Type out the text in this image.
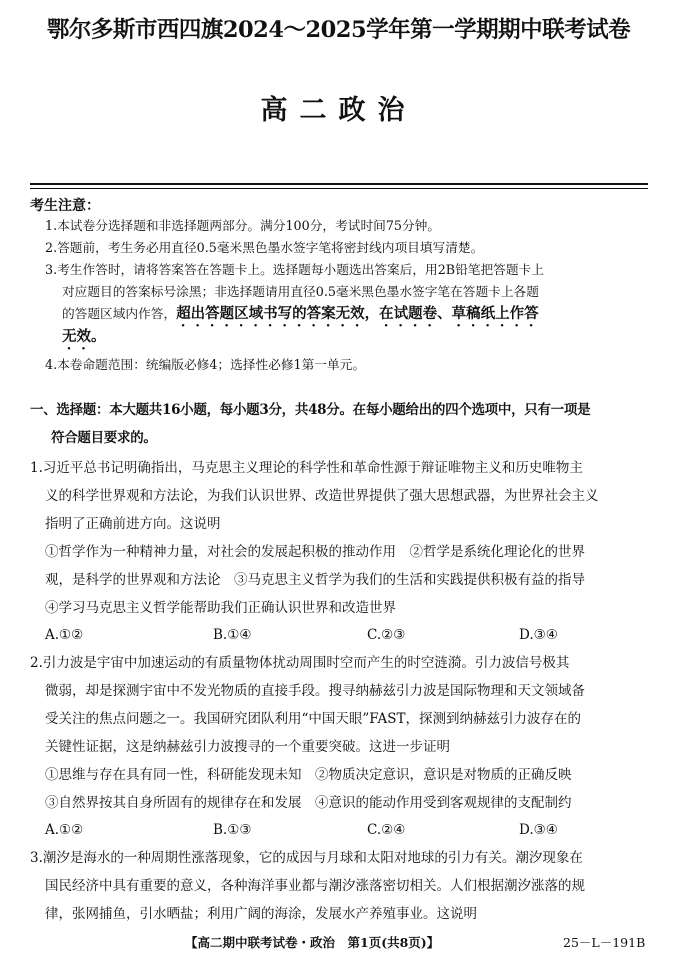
鄂尔多斯市西四旗2024～2025学年第一学期期中联考试卷
高二政治
考生注意：
1.本试卷分选择题和非选择题两部分。满分100分，考试时间75分钟。
2.答题前，考生务必用直径0.5毫米黑色墨水签字笔将密封线内项目填写清楚。
3.考生作答时，请将答案答在答题卡上。选择题每小题选出答案后，用2B铅笔把答题卡上
对应题目的答案标号涂黑；非选择题请用直径0.5毫米黑色墨水签字笔在答题卡上各题
的答题区域内作答，超出答题区域书写的答案无效，在试题卷、草稿纸上作答
无效。
4.本卷命题范围：统编版必修4；选择性必修1第一单元。
一、选择题：本大题共16小题，每小题3分，共48分。在每小题给出的四个选项中，只有一项是
符合题目要求的。
1.习近平总书记明确指出，马克思主义理论的科学性和革命性源于辩证唯物主义和历史唯物主
义的科学世界观和方法论，为我们认识世界、改造世界提供了强大思想武器，为世界社会主义
指明了正确前进方向。这说明
①哲学作为一种精神力量，对社会的发展起积极的推动作用　②哲学是系统化理论化的世界
观，是科学的世界观和方法论　③马克思主义哲学为我们的生活和实践提供积极有益的指导
④学习马克思主义哲学能帮助我们正确认识世界和改造世界
A.①②	B.①④	C.②③	D.③④
2.引力波是宇宙中加速运动的有质量物体扰动周围时空而产生的时空涟漪。引力波信号极其
微弱，却是探测宇宙中不发光物质的直接手段。搜寻纳赫兹引力波是国际物理和天文领域备
受关注的焦点问题之一。我国研究团队利用“中国天眼”FAST，探测到纳赫兹引力波存在的
关键性证据，这是纳赫兹引力波搜寻的一个重要突破。这进一步证明
①思维与存在具有同一性，科研能发现未知　②物质决定意识，意识是对物质的正确反映
③自然界按其自身所固有的规律存在和发展　④意识的能动作用受到客观规律的支配制约
A.①②	B.①③	C.②④	D.③④
3.潮汐是海水的一种周期性涨落现象，它的成因与月球和太阳对地球的引力有关。潮汐现象在
国民经济中具有重要的意义，各种海洋事业都与潮汐涨落密切相关。人们根据潮汐涨落的规
律，张网捕鱼，引水晒盐；利用广阔的海涂，发展水产养殖事业。这说明
【高二期中联考试卷・政治　第1页(共8页)】	25－L－191B
